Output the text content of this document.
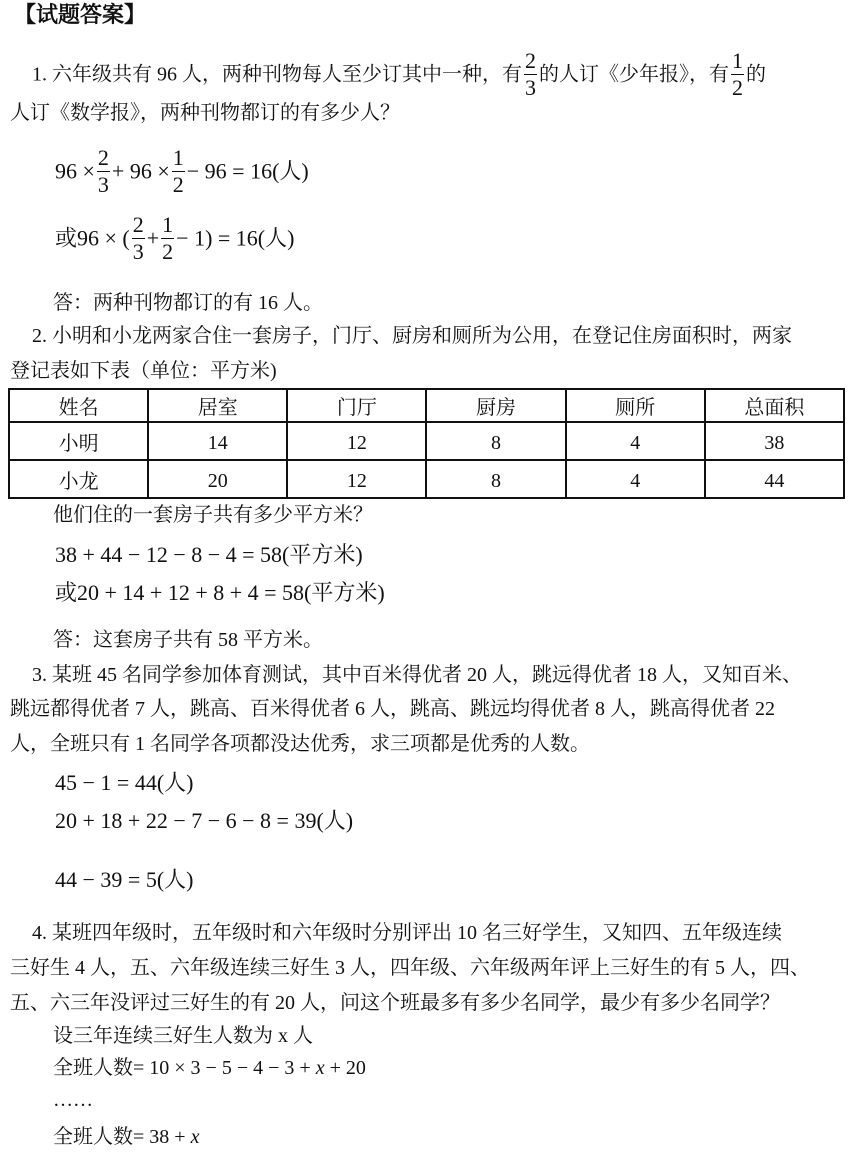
【试题答案】
1. 六年级共有 96 人，两种刊物每人至少订其中一种，有 $\frac{2}{3}$ 的人订《少年报》，有 $\frac{1}{2}$ 的
人订《数学报》，两种刊物都订的有多少人？
$96 \times \frac{2}{3} + 96 \times \frac{1}{2} - 96 = 16$(人)
或96 × ( $\frac{2}{3} + \frac{1}{2} - 1) = 16$(人)
答：两种刊物都订的有 16 人。
2. 小明和小龙两家合住一套房子，门厅、厨房和厕所为公用，在登记住房面积时，两家
登记表如下表（单位：平方米)
姓名	居室	门厅	厨房	厕所	总面积
小明	14	12	8	4	38
小龙	20	12	8	4	44
他们住的一套房子共有多少平方米？
38 + 44 − 12 − 8 − 4 = 58(平方米)
或20 + 14 + 12 + 8 + 4 = 58(平方米)
答：这套房子共有 58 平方米。
3. 某班 45 名同学参加体育测试，其中百米得优者 20 人，跳远得优者 18 人，又知百米、
跳远都得优者 7 人，跳高、百米得优者 6 人，跳高、跳远均得优者 8 人，跳高得优者 22
人，全班只有 1 名同学各项都没达优秀，求三项都是优秀的人数。
45 − 1 = 44(人)
20 + 18 + 22 − 7 − 6 − 8 = 39(人)
44 − 39 = 5(人)
4. 某班四年级时，五年级时和六年级时分别评出 10 名三好学生，又知四、五年级连续
三好生 4 人，五、六年级连续三好生 3 人，四年级、六年级两年评上三好生的有 5 人，四、
五、六三年没评过三好生的有 20 人，问这个班最多有多少名同学，最少有多少名同学？
设三年连续三好生人数为 x 人
全班人数= 10 × 3 − 5 − 4 − 3 + x + 20
……
全班人数= 38 + x
